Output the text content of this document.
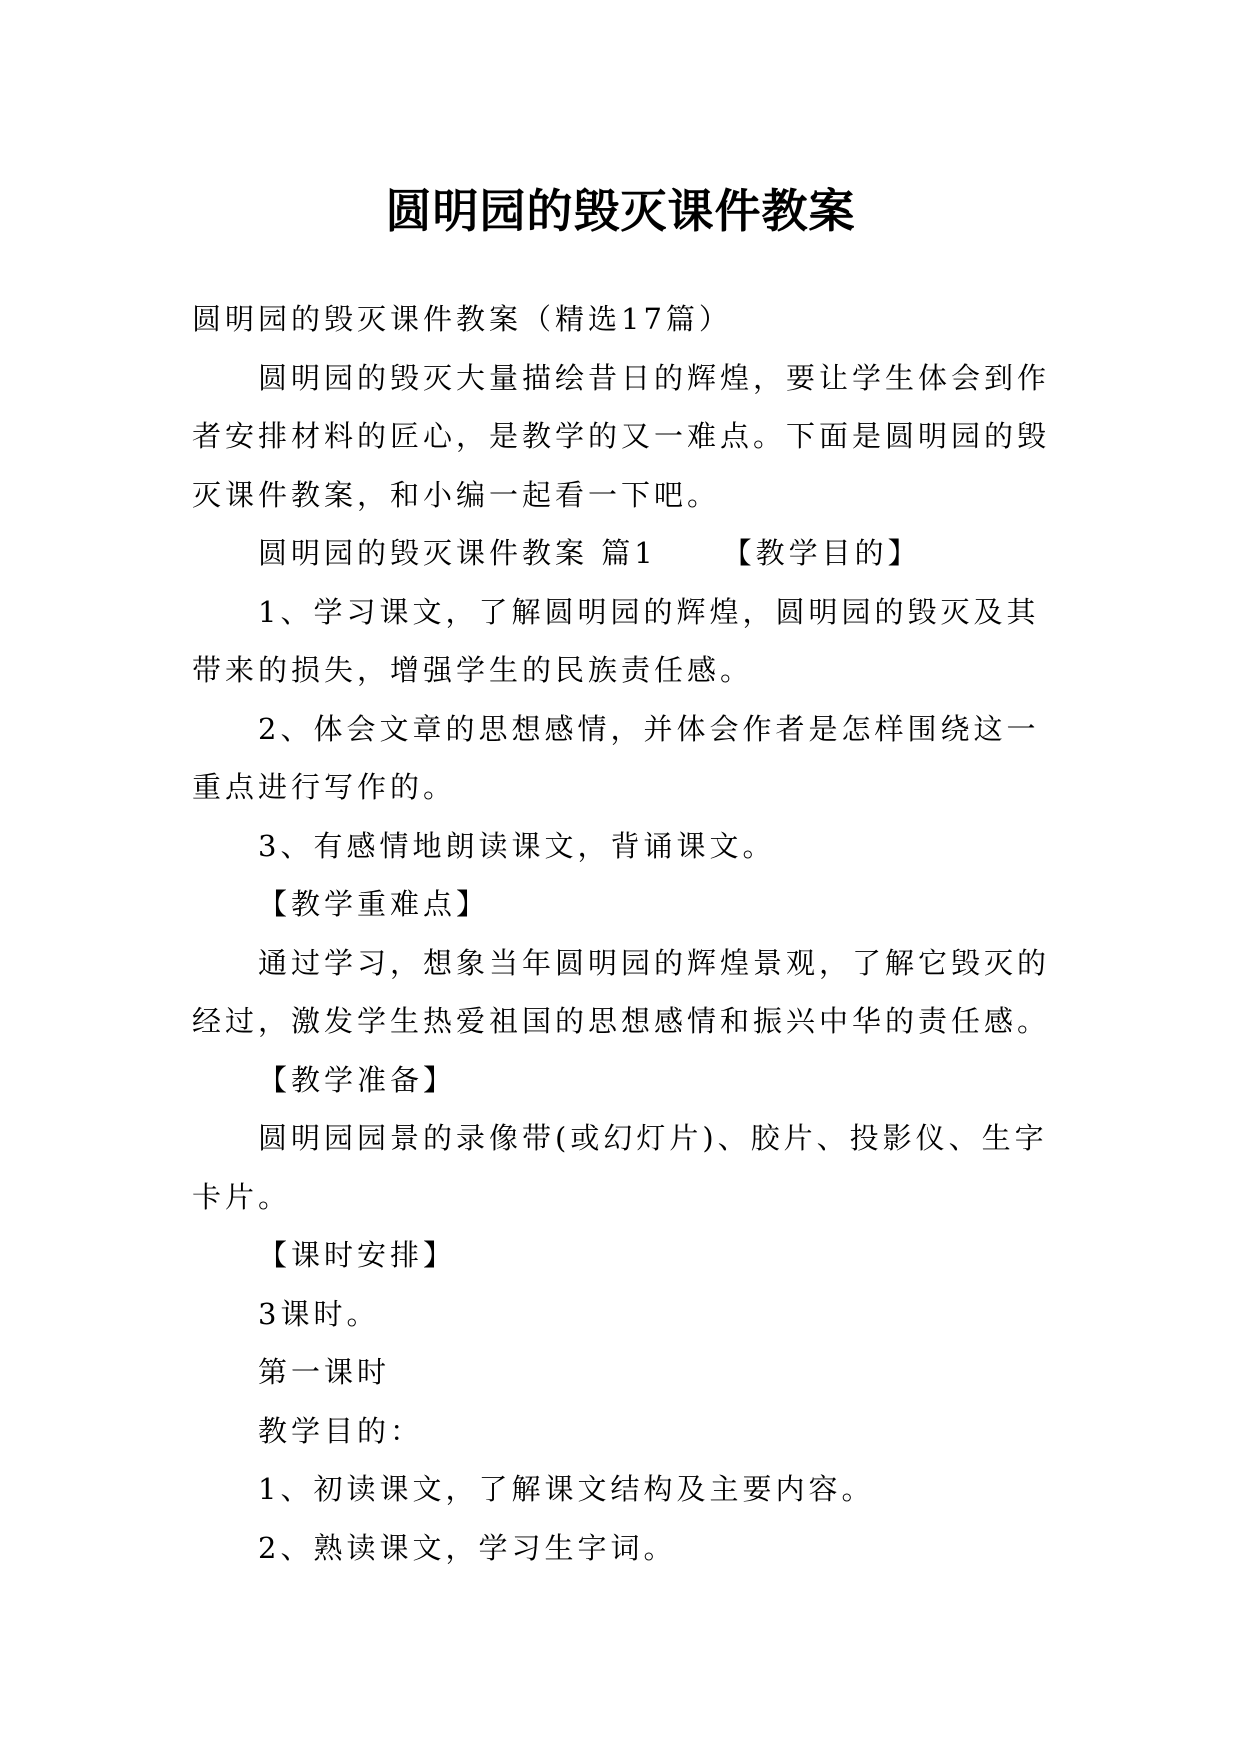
圆明园的毁灭课件教案

圆明园的毁灭课件教案（精选17篇）

圆明园的毁灭大量描绘昔日的辉煌，要让学生体会到作者安排材料的匠心，是教学的又一难点。下面是圆明园的毁灭课件教案，和小编一起看一下吧。

圆明园的毁灭课件教案 篇1 【教学目的】

1、学习课文，了解圆明园的辉煌，圆明园的毁灭及其带来的损失，增强学生的民族责任感。

2、体会文章的思想感情，并体会作者是怎样围绕这一重点进行写作的。

3、有感情地朗读课文，背诵课文。

【教学重难点】

通过学习，想象当年圆明园的辉煌景观，了解它毁灭的经过，激发学生热爱祖国的思想感情和振兴中华的责任感。

【教学准备】

圆明园园景的录像带(或幻灯片)、胶片、投影仪、生字卡片。

【课时安排】

3课时。

第一课时

教学目的：

1、初读课文，了解课文结构及主要内容。

2、熟读课文，学习生字词。
